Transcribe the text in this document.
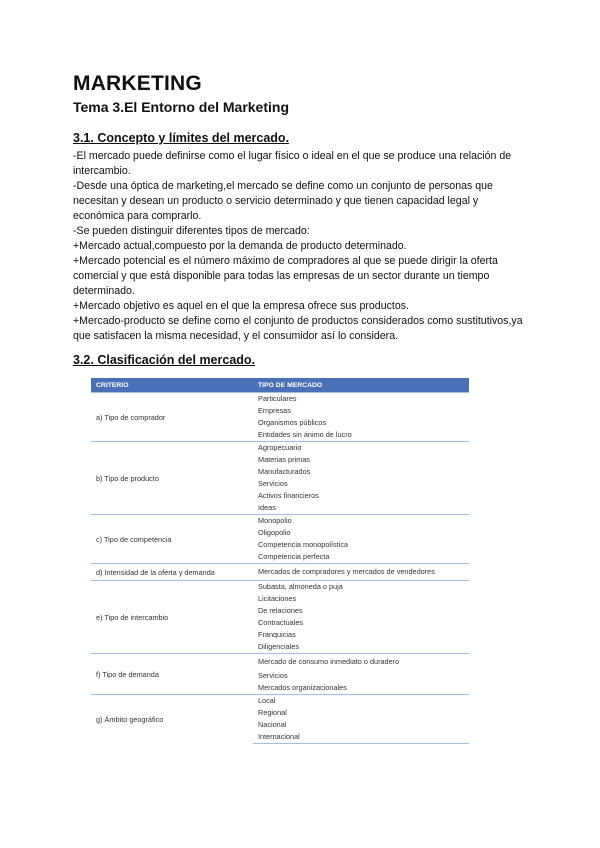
MARKETING
Tema 3.El Entorno del Marketing
3.1. Concepto y límites del mercado.

-El mercado puede definirse como el lugar físico o ideal en el que se produce una relación de intercambio.

-Desde una óptica de marketing,el mercado se define como un conjunto de personas que necesitan y desean un producto o servicio determinado y que tienen capacidad legal y económica para comprarlo.

-Se pueden distinguir diferentes tipos de mercado:

+Mercado actual,compuesto por la demanda de producto determinado.

+Mercado potencial es el número máximo de compradores al que se puede dirigir la oferta comercial y que está disponible para todas las empresas de un sector durante un tiempo determinado.

+Mercado objetivo es aquel en el que la empresa ofrece sus productos.

+Mercado-producto se define como el conjunto de productos considerados como sustitutivos,ya que satisfacen la misma necesidad, y el consumidor así lo considera.

3.2. Clasificación del mercado.
CRITERIO	TIPO DE MERCADO
a) Tipo de comprador	Particulares
	Empresas
	Organismos públicos
	Entidades sin ánimo de lucro
b) Tipo de producto	Agropecuario
	Materias primas
	Manufacturados
	Servicios
	Activos financieros
	Ideas
c) Tipo de competencia	Monopolio
	Oligopolio
	Competencia monopolística
	Competencia perfecta
d) Intensidad de la oferta y demanda	Mercados de compradores y mercados de vendedores
e) Tipo de intercambio	Subasta, almoneda o puja
	Licitaciones
	De relaciones
	Contractuales
	Franquicias
	Diligenciales
f) Tipo de demanda	Mercado de consumo inmediato o duradero
	Servicios
	Mercados organizacionales
g) Ámbito geográfico	Local
	Regional
	Nacional
	Internacional
